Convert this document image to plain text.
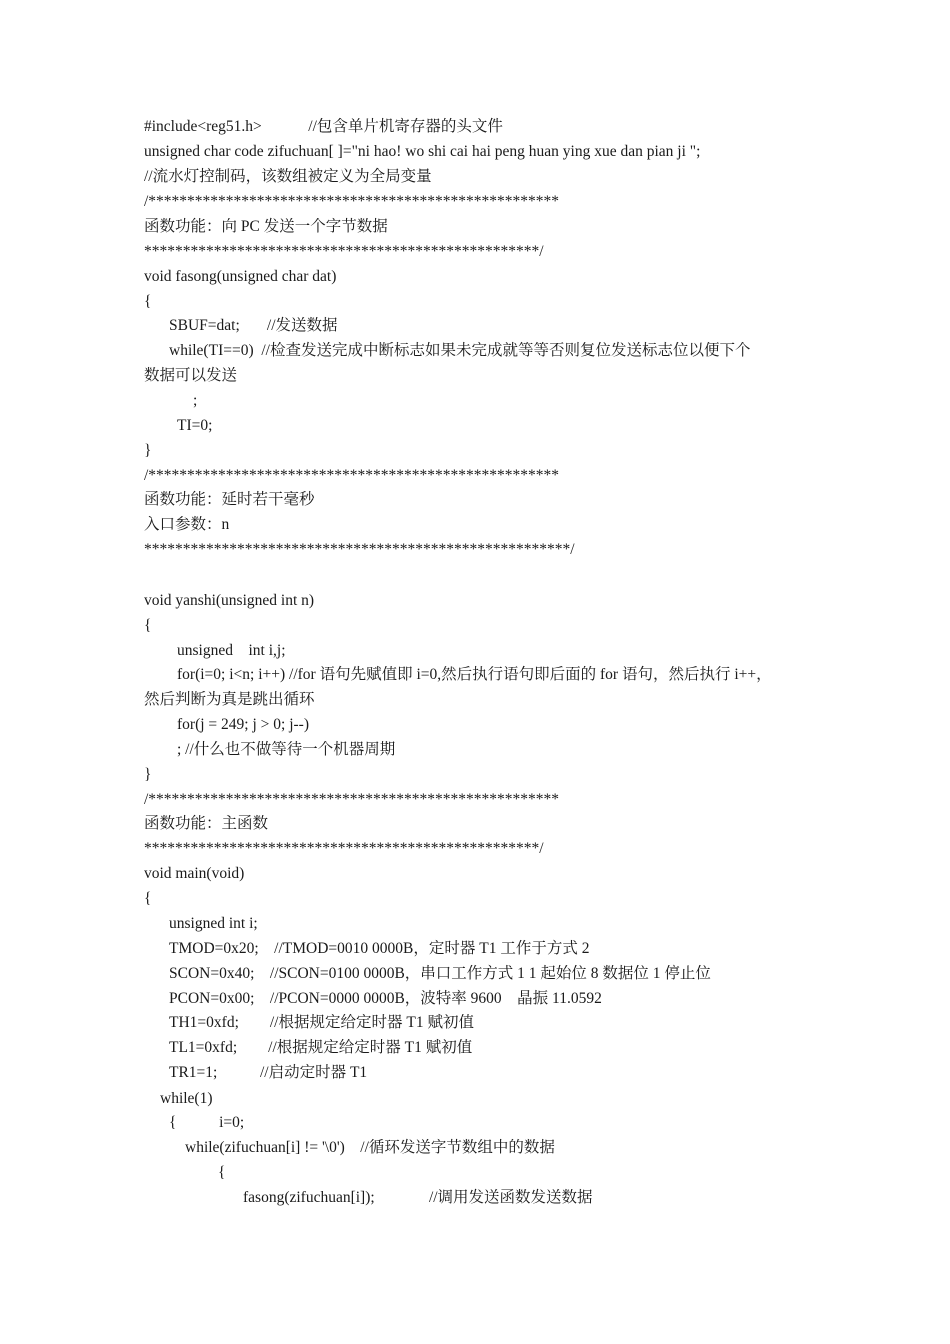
#include<reg51.h>            //包含单片机寄存器的头文件
unsigned char code zifuchuan[ ]="ni hao! wo shi cai hai peng huan ying xue dan pian ji ";
//流水灯控制码，该数组被定义为全局变量
/*****************************************************
函数功能：向 PC 发送一个字节数据
***************************************************/
void fasong(unsigned char dat)
{
SBUF=dat;       //发送数据
while(TI==0)  //检查发送完成中断标志如果未完成就等等否则复位发送标志位以便下个
数据可以发送
;
TI=0;
}
/*****************************************************
函数功能：延时若干毫秒
入口参数：n
*******************************************************/
void yanshi(unsigned int n)
{
unsigned    int i,j;
for(i=0; i<n; i++) //for 语句先赋值即 i=0,然后执行语句即后面的 for 语句，然后执行 i++，
然后判断为真是跳出循环
for(j = 249; j > 0; j--)
; //什么也不做等待一个机器周期
}
/*****************************************************
函数功能：主函数
***************************************************/
void main(void)
{
unsigned int i;
TMOD=0x20;    //TMOD=0010 0000B，定时器 T1 工作于方式 2
SCON=0x40;    //SCON=0100 0000B，串口工作方式 1 1 起始位 8 数据位 1 停止位
PCON=0x00;    //PCON=0000 0000B，波特率 9600    晶振 11.0592
TH1=0xfd;        //根据规定给定时器 T1 赋初值
TL1=0xfd;        //根据规定给定时器 T1 赋初值
TR1=1;           //启动定时器 T1
while(1)
{           i=0;
while(zifuchuan[i] != '\0')    //循环发送字节数组中的数据
{
fasong(zifuchuan[i]);              //调用发送函数发送数据
